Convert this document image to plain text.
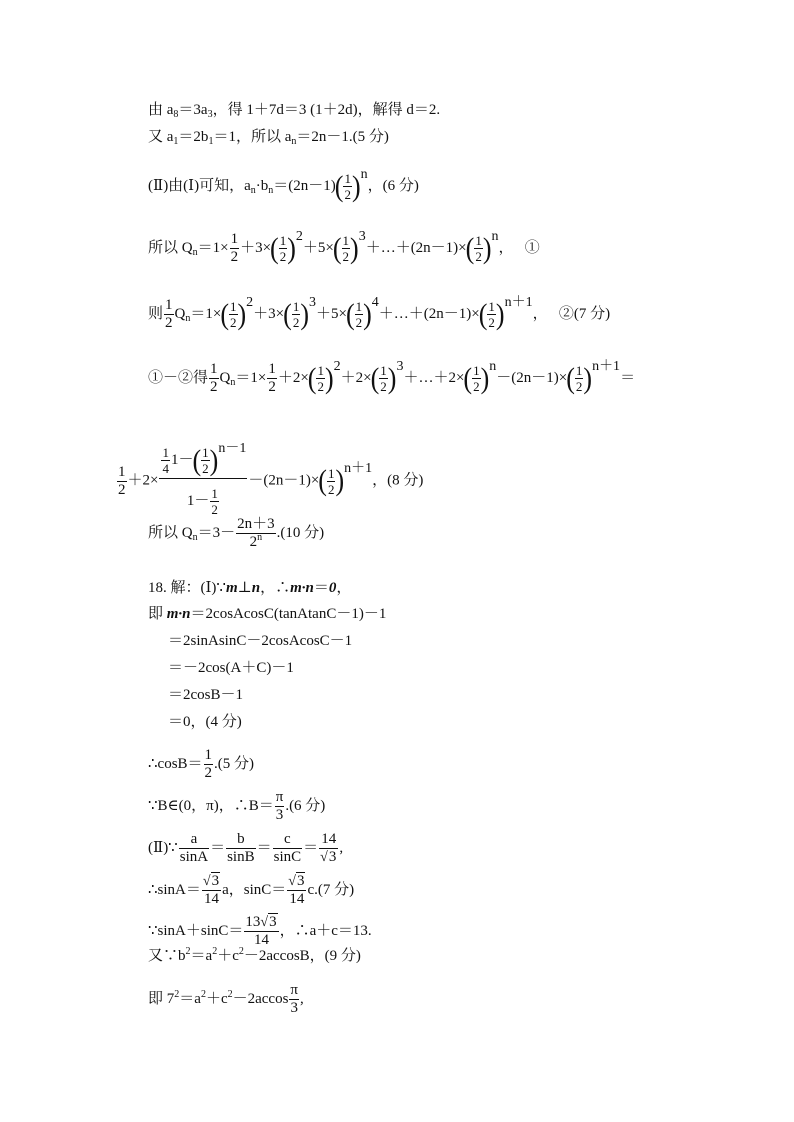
由 $a_8=3a_3$，得 1＋7d＝3 (1＋2d)，解得 d＝2.
又 $a_1=2b_1=1$，所以 $a_n=2n-1.(5$ 分)
(Ⅱ)由(Ⅰ)可知，$a_n\cdot b_n=(2n-1)( \frac{1}{2} )^n$，(6 分)
所以 $Q_n=1\times \frac{1}{2} +3\times( \frac{1}{2} )^2+5\times( \frac{1}{2}$ )$^3+\dots+(2n-1)\times( \frac{1}{2} )^n$，   ①
则 $\frac{1}{2} Q_n=1\times( \frac{1}{2} )^2+3\times( \frac{1}{2} )^3+5\times( \frac{1}{2}$ )$^4+\dots+(2n-1)\times( \frac{1}{2} )^{n+1}$，   ②(7 分)
①－②得 $\frac{1}{2} Q_n=1\times \frac{1}{2} +2\times( \frac{1}{2} )^2+2\times( \frac{1}{2}$ )$^3+\dots+2\times( \frac{1}{2} )^n-(2n-1)\times( \frac{1}{2} )^{n+1}=$
$\frac{1}{2} +2\times \frac{\frac{1}{4} 1-( \frac{1}{2} )^{n-1}}{1- \frac{1}{2}} -(2n-1)\times( \frac{1}{2} )^{n+1}$，(8 分)
所以 $Q_n=3- \frac{2n+3}{2^n} .(10$ 分)
18. 解：(Ⅰ)∵m⊥n，∴m·n＝0，
即 m·n＝2cosAcosC(tanAtanC－1)－1
＝2sinAsinC－2cosAcosC－1
＝－2cos(A＋C)－1
＝2cosB－1
＝0，(4 分)
∴cosB＝ $\frac{1}{2} .(5$ 分)
∵B∈(0，π)，∴B＝ $\frac{\pi}{3} .(6$ 分)
(Ⅱ)∵ $\frac{a}{\sin A} = \frac{b}{\sin B} = \frac{c}{\sin C} = \frac{14}{√3}$ ,
∴sinA＝ $\frac{√3}{14}$ a，$\sin C= \frac{√3}{14} c.(7$ 分)
∵sinA＋sinC＝ $\frac{13√3}{14}$ ，∴a＋c＝13.
又$\because b^2=a^2+c^2-2accosB$，(9 分)
即 $7^2=a^2+c^2-2accos \frac{\pi}{3}$ ,
